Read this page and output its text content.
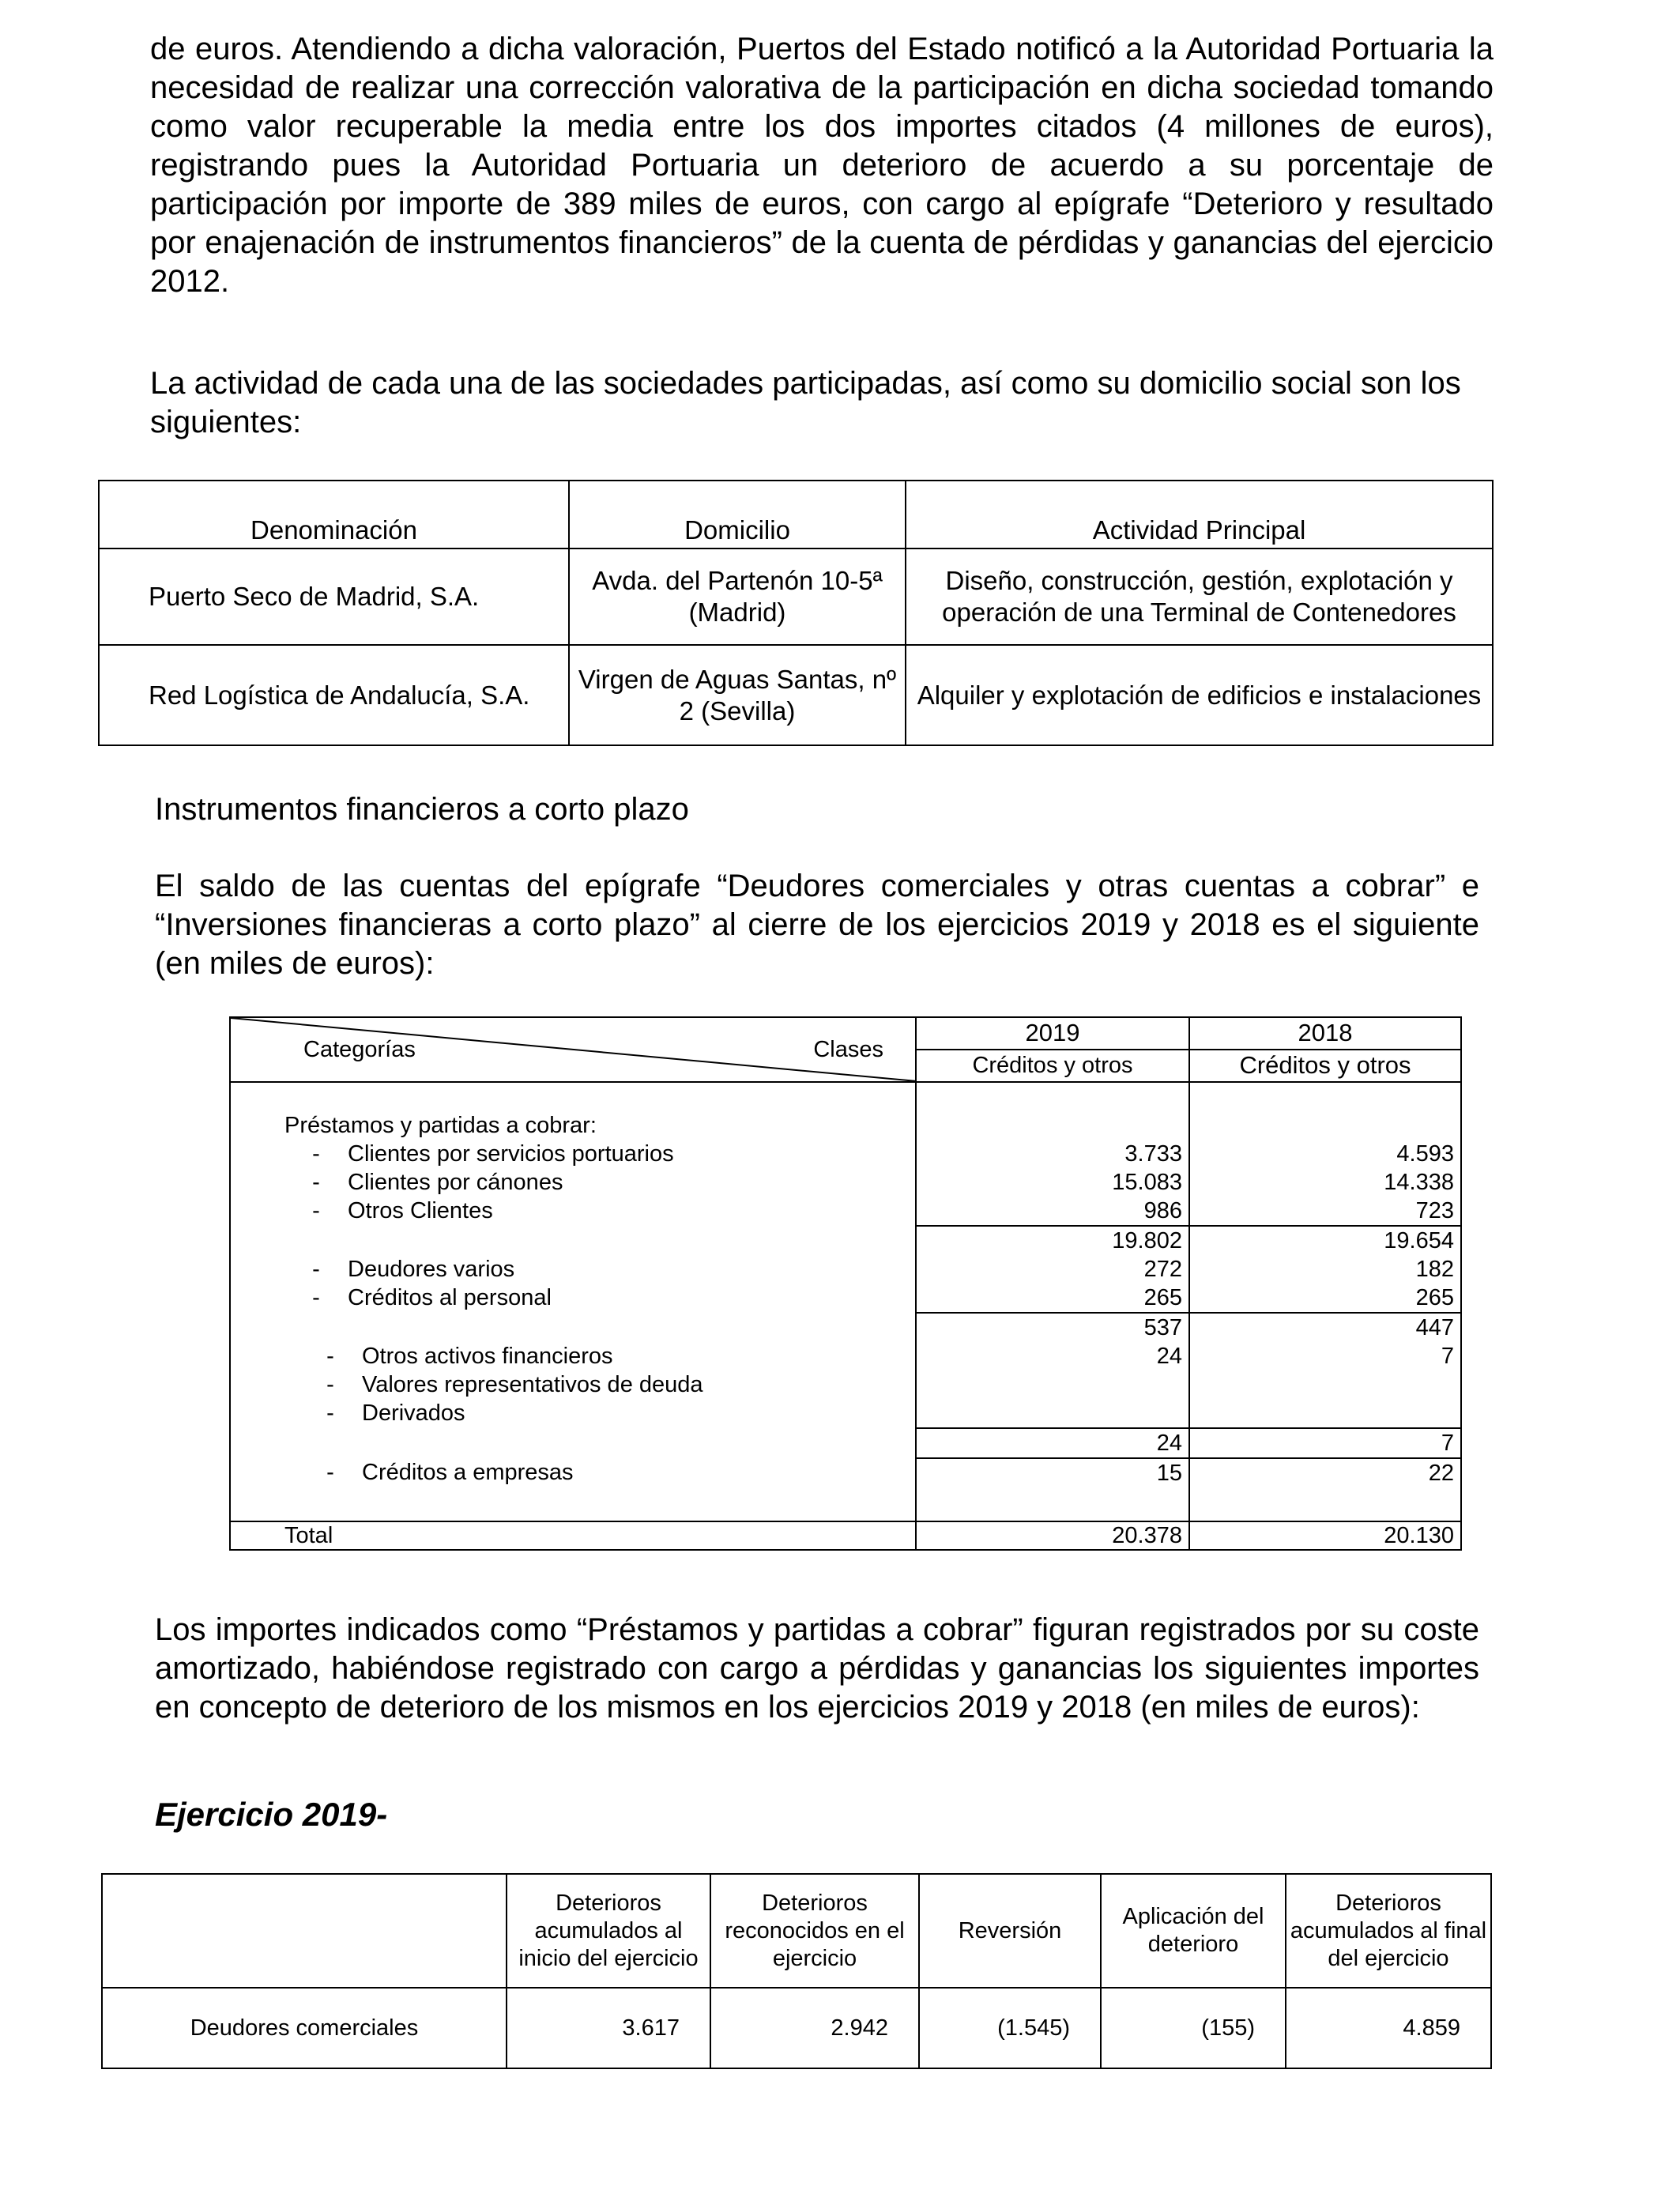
de euros. Atendiendo a dicha valoración, Puertos del Estado notificó a la Autoridad Portuaria la necesidad de realizar una corrección valorativa de la participación en dicha sociedad tomando como valor recuperable la media entre los dos importes citados (4 millones de euros), registrando pues la Autoridad Portuaria un deterioro de acuerdo a su porcentaje de participación por importe de 389 miles de euros, con cargo al epígrafe “Deterioro y resultado por enajenación de instrumentos financieros” de la cuenta de pérdidas y ganancias del ejercicio 2012.
La actividad de cada una de las sociedades participadas, así como su domicilio social son los siguientes:
Denominación	Domicilio	Actividad Principal
Puerto Seco de Madrid, S.A.	Avda. del Partenón 10-5ª (Madrid)	Diseño, construcción, gestión, explotación y operación de una Terminal de Contenedores
Red Logística de Andalucía, S.A.	Virgen de Aguas Santas, nº 2 (Sevilla)	Alquiler y explotación de edificios e instalaciones
Instrumentos financieros a corto plazo
El saldo de las cuentas del epígrafe “Deudores comerciales y otras cuentas a cobrar” e “Inversiones financieras a corto plazo” al cierre de los ejercicios 2019 y 2018 es el siguiente (en miles de euros):
Categorías Clases	2019	2018
	Créditos y otros	Créditos y otros

Préstamos y partidas a cobrar:		
- Clientes por servicios portuarios	3.733	4.593
- Clientes por cánones	15.083	14.338
- Otros Clientes	986	723
	19.802	19.654
- Deudores varios	272	182
- Créditos al personal	265	265
	537	447
- Otros activos financieros	24	7
- Valores representativos de deuda		
- Derivados		
	24	7
- Créditos a empresas	15	22

Total	20.378	20.130
Los importes indicados como “Préstamos y partidas a cobrar” figuran registrados por su coste amortizado, habiéndose registrado con cargo a pérdidas y ganancias los siguientes importes en concepto de deterioro de los mismos en los ejercicios 2019 y 2018 (en miles de euros):
Ejercicio 2019-
	Deterioros acumulados al inicio del ejercicio	Deterioros reconocidos en el ejercicio	Reversión	Aplicación del deterioro	Deterioros acumulados al final del ejercicio
Deudores comerciales	3.617	2.942	(1.545)	(155)	4.859
